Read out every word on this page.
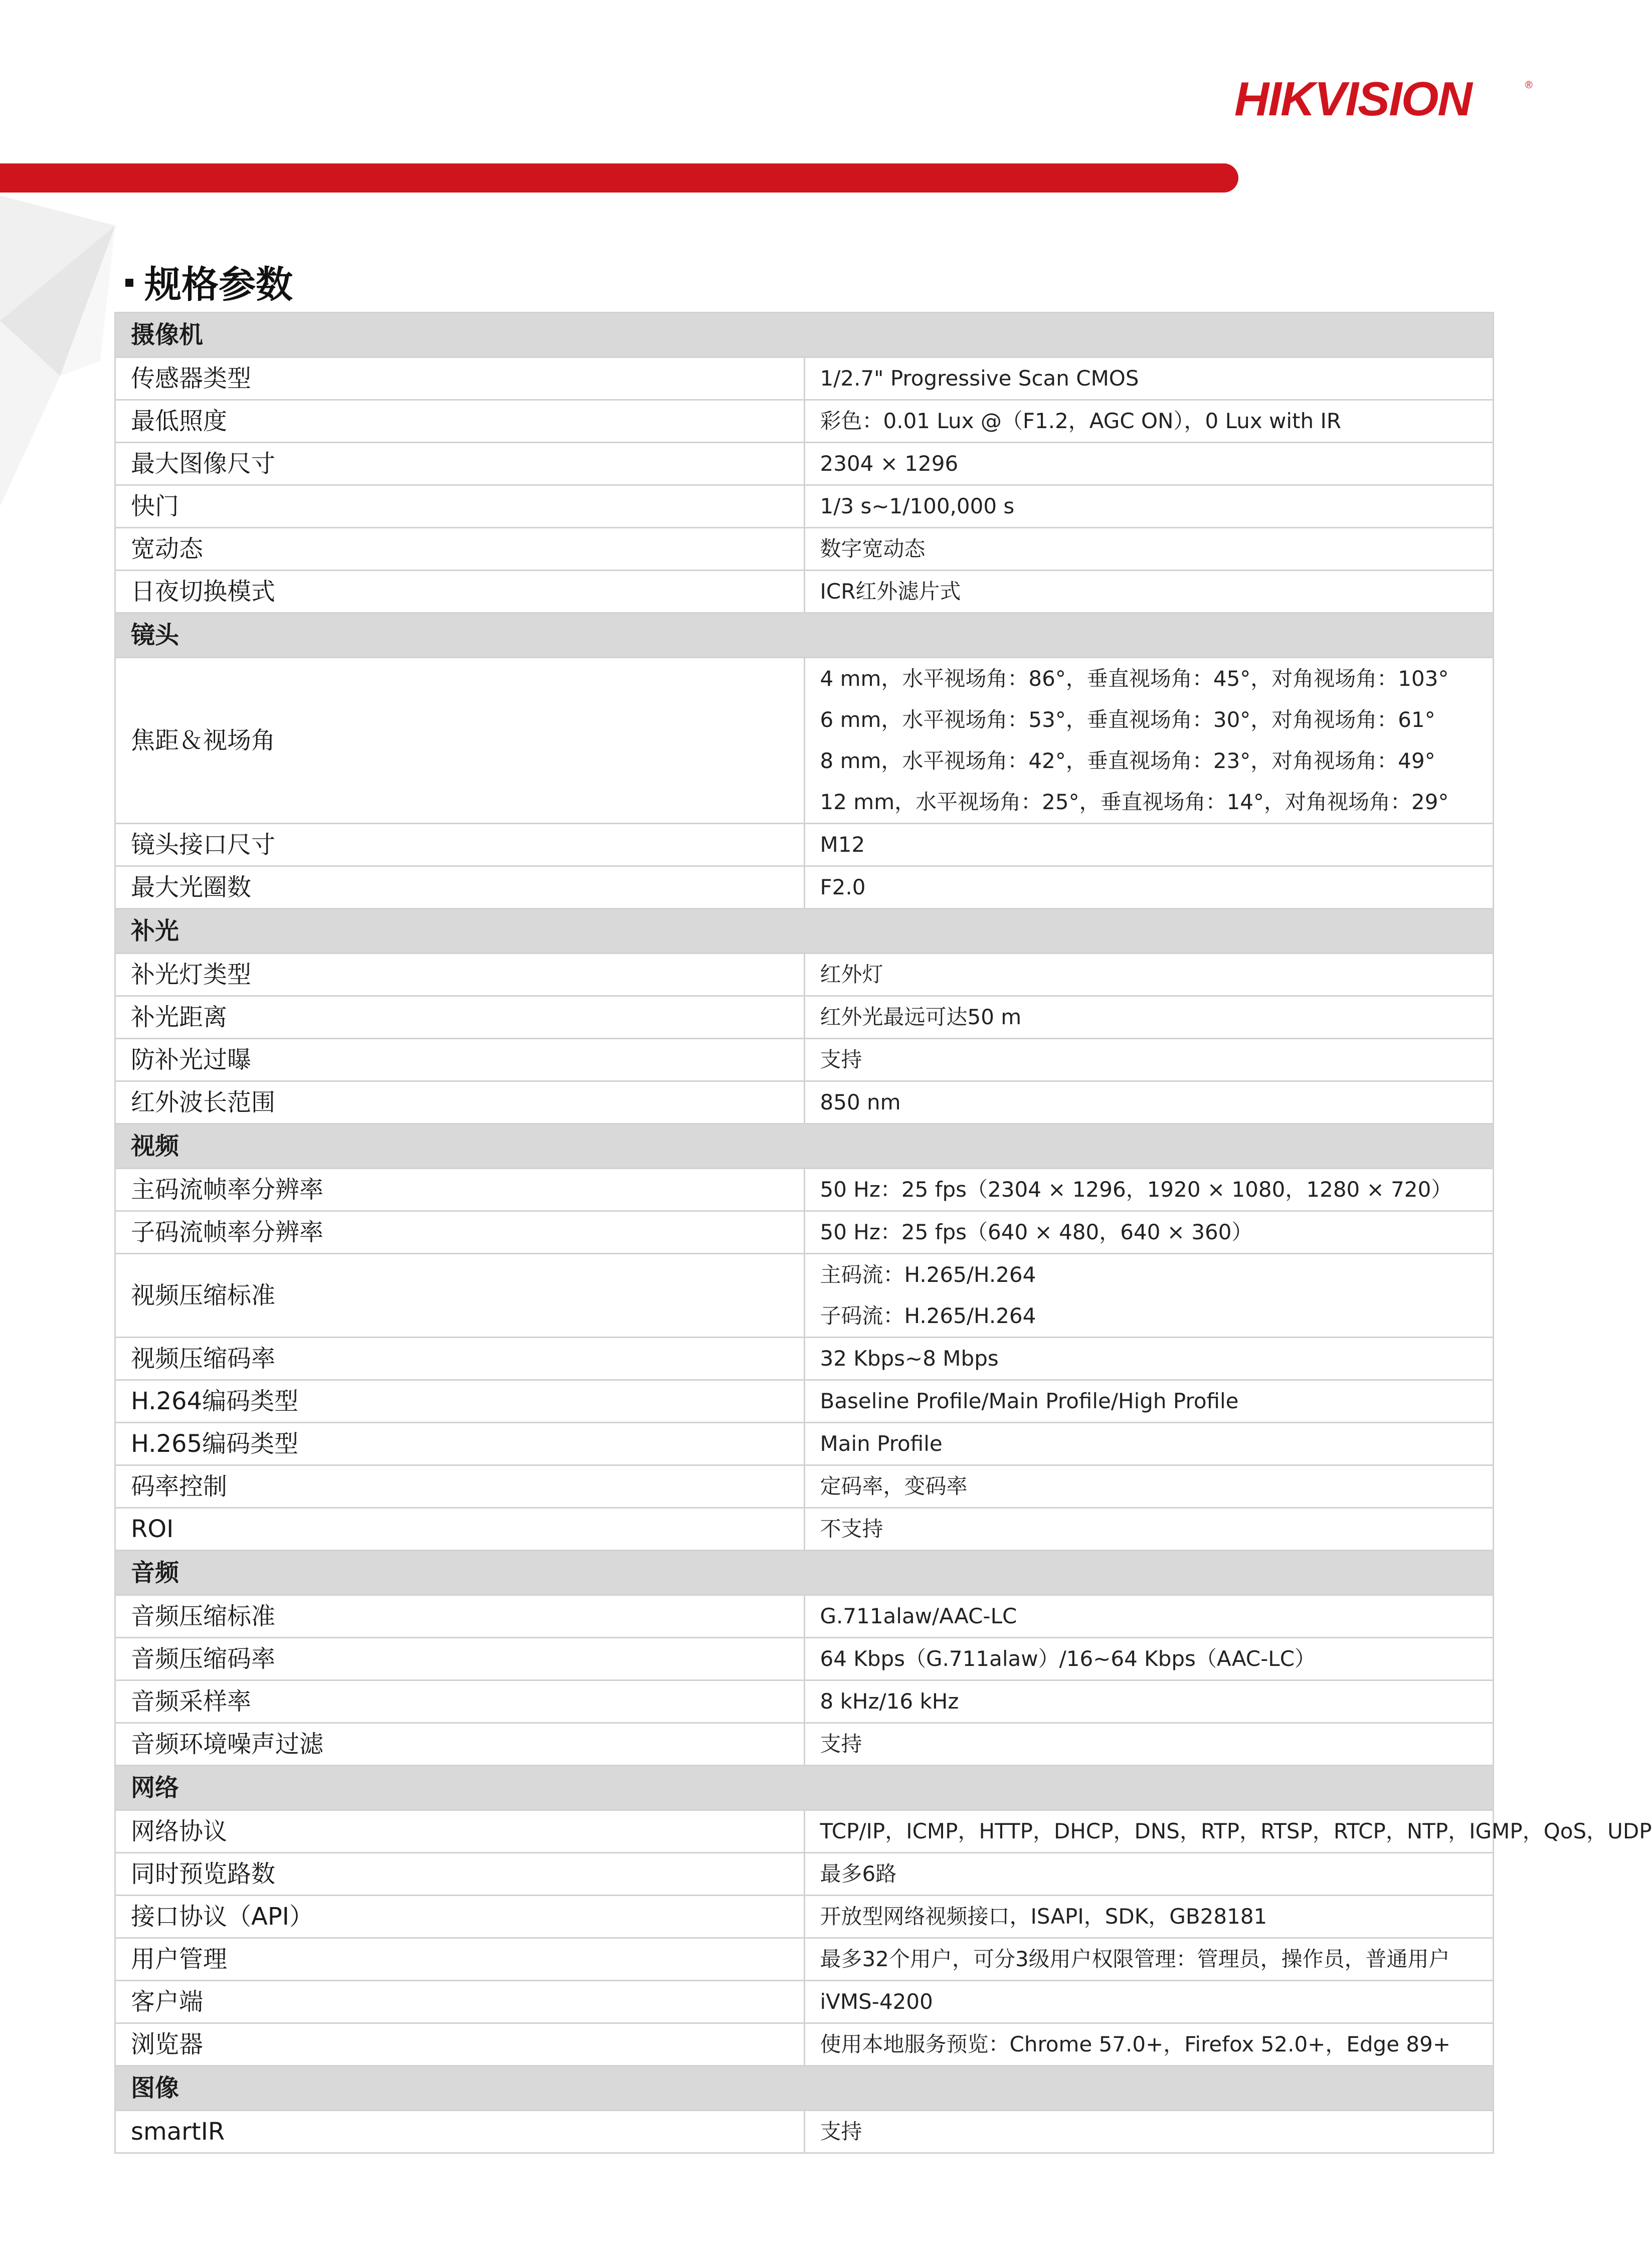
HIKVISION	®
规格参数
摄像机	
传感器类型	1/2.7" Progressive Scan CMOS

最低照度	彩色：0.01 Lux @（F1.2，AGC ON），0 Lux with IR

最大图像尺寸	2304 × 1296

快门	1/3 s~1/100,000 s

宽动态	数字宽动态

日夜切换模式	ICR红外滤片式

镜头	
焦距＆视场角	4 mm，水平视场角：86°，垂直视场角：45°，对角视场角：103°
6 mm，水平视场角：53°，垂直视场角：30°，对角视场角：61°
8 mm，水平视场角：42°，垂直视场角：23°，对角视场角：49°
12 mm，水平视场角：25°，垂直视场角：14°，对角视场角：29°

镜头接口尺寸	M12

最大光圈数	F2.0

补光	
补光灯类型	红外灯

补光距离	红外光最远可达50 m

防补光过曝	支持

红外波长范围	850 nm

视频	
主码流帧率分辨率	50 Hz：25 fps（2304 × 1296，1920 × 1080，1280 × 720）

子码流帧率分辨率	50 Hz：25 fps（640 × 480，640 × 360）

视频压缩标准	主码流：H.265/H.264
子码流：H.265/H.264

视频压缩码率	32 Kbps~8 Mbps

H.264编码类型	Baseline Profile/Main Profile/High Profile

H.265编码类型	Main Profile

码率控制	定码率，变码率

ROI	不支持

音频	
音频压缩标准	G.711alaw/AAC-LC

音频压缩码率	64 Kbps（G.711alaw）/16~64 Kbps（AAC-LC）

音频采样率	8 kHz/16 kHz

音频环境噪声过滤	支持

网络	
网络协议	TCP/IP，ICMP，HTTP，DHCP，DNS，RTP，RTSP，RTCP，NTP，IGMP，QoS，UDP

同时预览路数	最多6路

接口协议（API）	开放型网络视频接口，ISAPI，SDK，GB28181

用户管理	最多32个用户，可分3级用户权限管理：管理员，操作员，普通用户

客户端	iVMS-4200

浏览器	使用本地服务预览：Chrome 57.0+，Firefox 52.0+，Edge 89+

图像	
smartIR	支持
